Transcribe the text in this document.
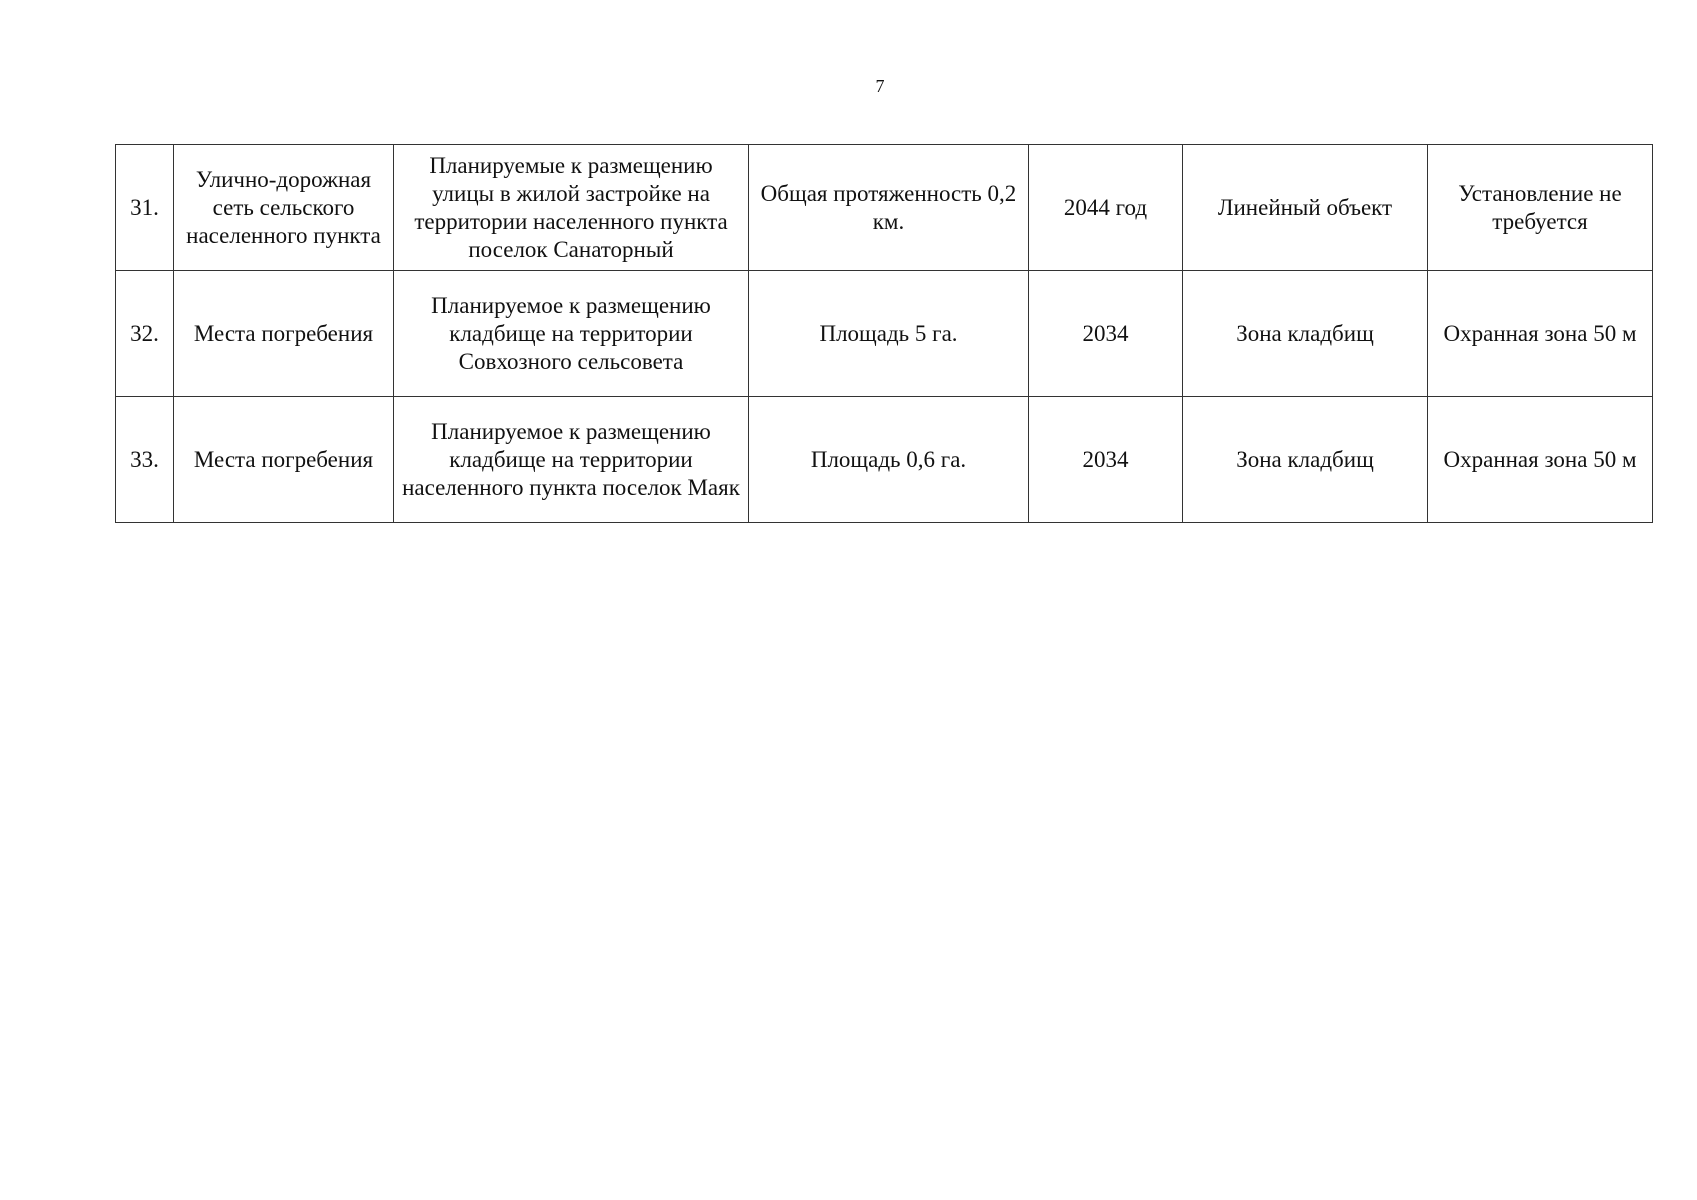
7
31.	Улично-дорожная сеть сельского населенного пункта	Планируемые к размещению улицы в жилой застройке на территории населенного пункта поселок Санаторный	Общая протяженность 0,2 км.	2044 год	Линейный объект	Установление не требуется
32.	Места погребения	Планируемое к размещению кладбище на территории Совхозного сельсовета	Площадь 5 га.	2034	Зона кладбищ	Охранная зона 50 м
33.	Места погребения	Планируемое к размещению кладбище на территории населенного пункта поселок Маяк	Площадь 0,6 га.	2034	Зона кладбищ	Охранная зона 50 м
